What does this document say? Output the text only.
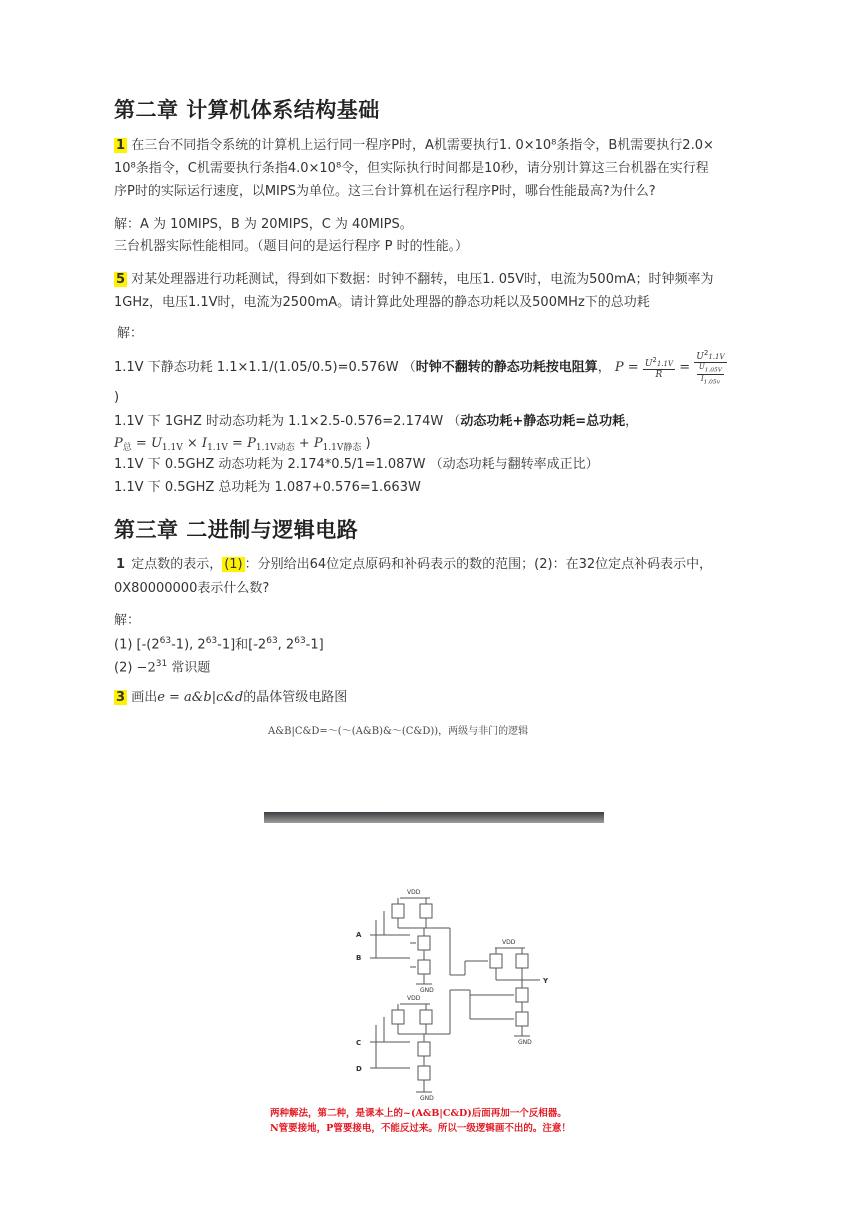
第二章 计算机体系结构基础
1 在三台不同指令系统的计算机上运行同一程序P时，A机需要执行1. 0×10⁸条指令，B机需要执行2.0×
10⁸条指令，C机需要执行条指4.0×10⁸令，但实际执行时间都是10秒，请分别计算这三台机器在实行程
序P时的实际运行速度，以MIPS为单位。这三台计算机在运行程序P时，哪台性能最高?为什么?
解：A 为 10MIPS，B 为 20MIPS，C 为 40MIPS。
三台机器实际性能相同。（题目问的是运行程序 P 时的性能。）
5 对某处理器进行功耗测试，得到如下数据：时钟不翻转，电压1. 05V时，电流为500mA；时钟频率为
1GHz，电压1.1V时，电流为2500mA。请计算此处理器的静态功耗以及500MHz下的总功耗
解：
1.1V 下静态功耗 1.1×1.1/(1.05/0.5)=0.576W （时钟不翻转的静态功耗按电阻算， $P = \frac{U^21.1V}{R} = \frac{U^21.1V}{\frac{U_{1.05V}}{I_{1.05v}}}$
)
1.1V 下 1GHZ 时动态功耗为 1.1×2.5-0.576=2.174W （动态功耗+静态功耗=总功耗，
$P_总 = U_{1.1V} \times I_{1.1V} = P_{1.1V动态} + P_{1.1V静态}$ )
1.1V 下 0.5GHZ 动态功耗为 2.174*0.5/1=1.087W （动态功耗与翻转率成正比）
1.1V 下 0.5GHZ 总功耗为 1.087+0.576=1.663W
第三章 二进制与逻辑电路
1 定点数的表示， (1) ：分别给出64位定点原码和补码表示的数的范围；(2)：在32位定点补码表示中，
0X80000000表示什么数?
解：
(1) [$-(2^{63}-1)$, $2^{63}-1$]和[$-2^{63}$, $2^{63}-1$]
$(2) -2^{31}$ 常识题
3 画出e = a&b|c&d的晶体管级电路图
A&B|C&D=～(～(A&B)&～(C&D))，两级与非门的逻辑
VDD
GND
VDD
GND
VDD
GND
A
B
C
D
Y
两种解法，第二种，是课本上的~(A&B|C&D)后面再加一个反相器。
N管要接地，P管要接电，不能反过来。所以一级逻辑画不出的。注意！
